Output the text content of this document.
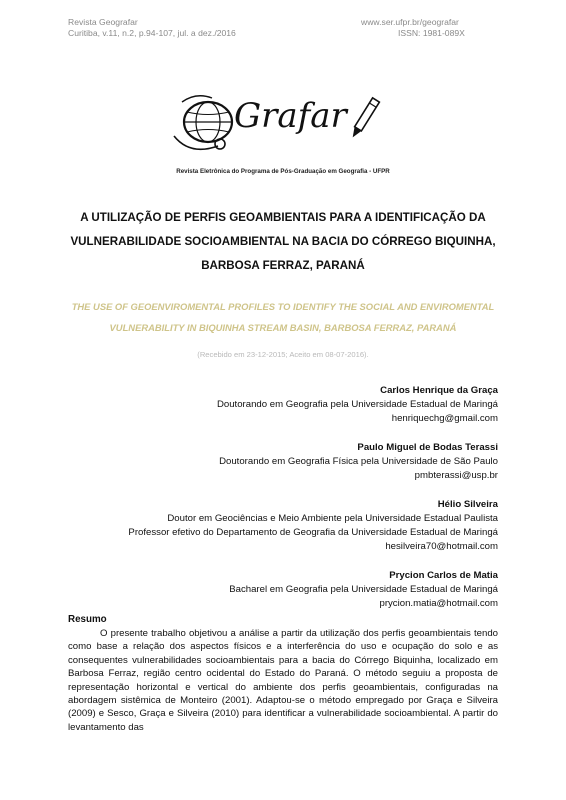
Revista Geografar
Curitiba, v.11, n.2, p.94-107, jul. a dez./2016
www.ser.ufpr.br/geografar
ISSN: 1981-089X
Grafar
Revista Eletrônica do Programa de Pós-Graduação em Geografia - UFPR
A UTILIZAÇÃO DE PERFIS GEOAMBIENTAIS PARA A IDENTIFICAÇÃO DA
VULNERABILIDADE SOCIOAMBIENTAL NA BACIA DO CÓRREGO BIQUINHA,
BARBOSA FERRAZ, PARANÁ
THE USE OF GEOENVIROMENTAL PROFILES TO IDENTIFY THE SOCIAL AND ENVIROMENTAL
VULNERABILITY IN BIQUINHA STREAM BASIN, BARBOSA FERRAZ, PARANÁ
(Recebido em 23-12-2015; Aceito em 08-07-2016).
Carlos Henrique da Graça
Doutorando em Geografia pela Universidade Estadual de Maringá
henriquechg@gmail.com
Paulo Miguel de Bodas Terassi
Doutorando em Geografia Física pela Universidade de São Paulo
pmbterassi@usp.br
Hélio Silveira
Doutor em Geociências e Meio Ambiente pela Universidade Estadual Paulista
Professor efetivo do Departamento de Geografia da Universidade Estadual de Maringá
hesilveira70@hotmail.com
Prycion Carlos de Matia
Bacharel em Geografia pela Universidade Estadual de Maringá
prycion.matia@hotmail.com
Resumo
O presente trabalho objetivou a análise a partir da utilização dos perfis geoambientais tendo como base a relação dos aspectos físicos e a interferência do uso e ocupação do solo e as consequentes vulnerabilidades socioambientais para a bacia do Córrego Biquinha, localizado em Barbosa Ferraz, região centro ocidental do Estado do Paraná. O método seguiu a proposta de representação horizontal e vertical do ambiente dos perfis geoambientais, configuradas na abordagem sistêmica de Monteiro (2001). Adaptou-se o método empregado por Graça e Silveira (2009) e Sesco, Graça e Silveira (2010) para identificar a vulnerabilidade socioambiental. A partir do levantamento das
